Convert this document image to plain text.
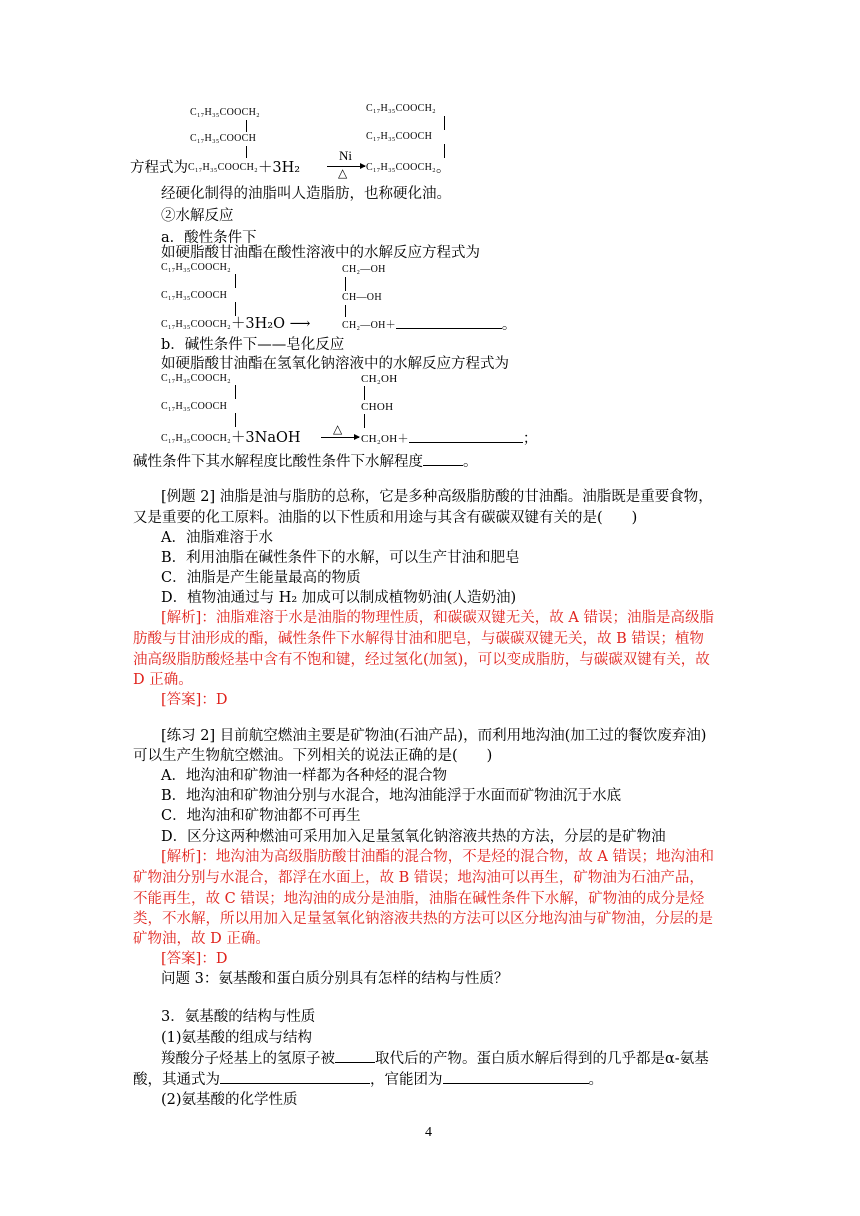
C₁₇H₃₅COOCH₂
C₁₇H₃₅COOCH
C₁₇H₃₅COOCH₂
C₁₇H₃₅COOCH
方程式为C₁₇H₃₅COOCH₂＋3H₂
Ni
△ C₁₇H₃₅COOCH₂。
经硬化制得的油脂叫人造脂肪，也称硬化油。
②水解反应
a．酸性条件下
如硬脂酸甘油酯在酸性溶液中的水解反应方程式为
C₁₇H₃₅COOCH₂
C₁₇H₃₅COOCH
CH₂—OH
CH—OH
C₁₇H₃₅COOCH₂＋3H₂O ⟶	CH₂—OH＋	。
b．碱性条件下——皂化反应
如硬脂酸甘油酯在氢氧化钠溶液中的水解反应方程式为
C₁₇H₃₅COOCH₂
C₁₇H₃₅COOCH
CH₂OH
CHOH
C₁₇H₃₅COOCH₂＋3NaOH →
△
CH₂OH＋	；
碱性条件下其水解程度比酸性条件下水解程度	。
[例题 2] 油脂是油与脂肪的总称，它是多种高级脂肪酸的甘油酯。油脂既是重要食物，
又是重要的化工原料。油脂的以下性质和用途与其含有碳碳双键有关的是(　　)
A．油脂难溶于水
B．利用油脂在碱性条件下的水解，可以生产甘油和肥皂
C．油脂是产生能量最高的物质
D．植物油通过与 H₂ 加成可以制成植物奶油(人造奶油)
[解析]：油脂难溶于水是油脂的物理性质，和碳碳双键无关，故 A 错误；油脂是高级脂
肪酸与甘油形成的酯，碱性条件下水解得甘油和肥皂，与碳碳双键无关，故 B 错误；植物
油高级脂肪酸烃基中含有不饱和键，经过氢化(加氢)，可以变成脂肪，与碳碳双键有关，故
D 正确。
[答案]：D
[练习 2] 目前航空燃油主要是矿物油(石油产品)，而利用地沟油(加工过的餐饮废弃油)
可以生产生物航空燃油。下列相关的说法正确的是(　　)
A．地沟油和矿物油一样都为各种烃的混合物
B．地沟油和矿物油分别与水混合，地沟油能浮于水面而矿物油沉于水底
C．地沟油和矿物油都不可再生
D．区分这两种燃油可采用加入足量氢氧化钠溶液共热的方法，分层的是矿物油
[解析]：地沟油为高级脂肪酸甘油酯的混合物，不是烃的混合物，故 A 错误；地沟油和
矿物油分别与水混合，都浮在水面上，故 B 错误；地沟油可以再生，矿物油为石油产品，
不能再生，故 C 错误；地沟油的成分是油脂，油脂在碱性条件下水解，矿物油的成分是烃
类，不水解，所以用加入足量氢氧化钠溶液共热的方法可以区分地沟油与矿物油，分层的是
矿物油，故 D 正确。
[答案]：D
问题 3：氨基酸和蛋白质分别具有怎样的结构与性质？
3．氨基酸的结构与性质
(1)氨基酸的组成与结构
羧酸分子烃基上的氢原子被	取代后的产物。蛋白质水解后得到的几乎都是α-氨基
酸，其通式为	，官能团为	。
(2)氨基酸的化学性质
4
